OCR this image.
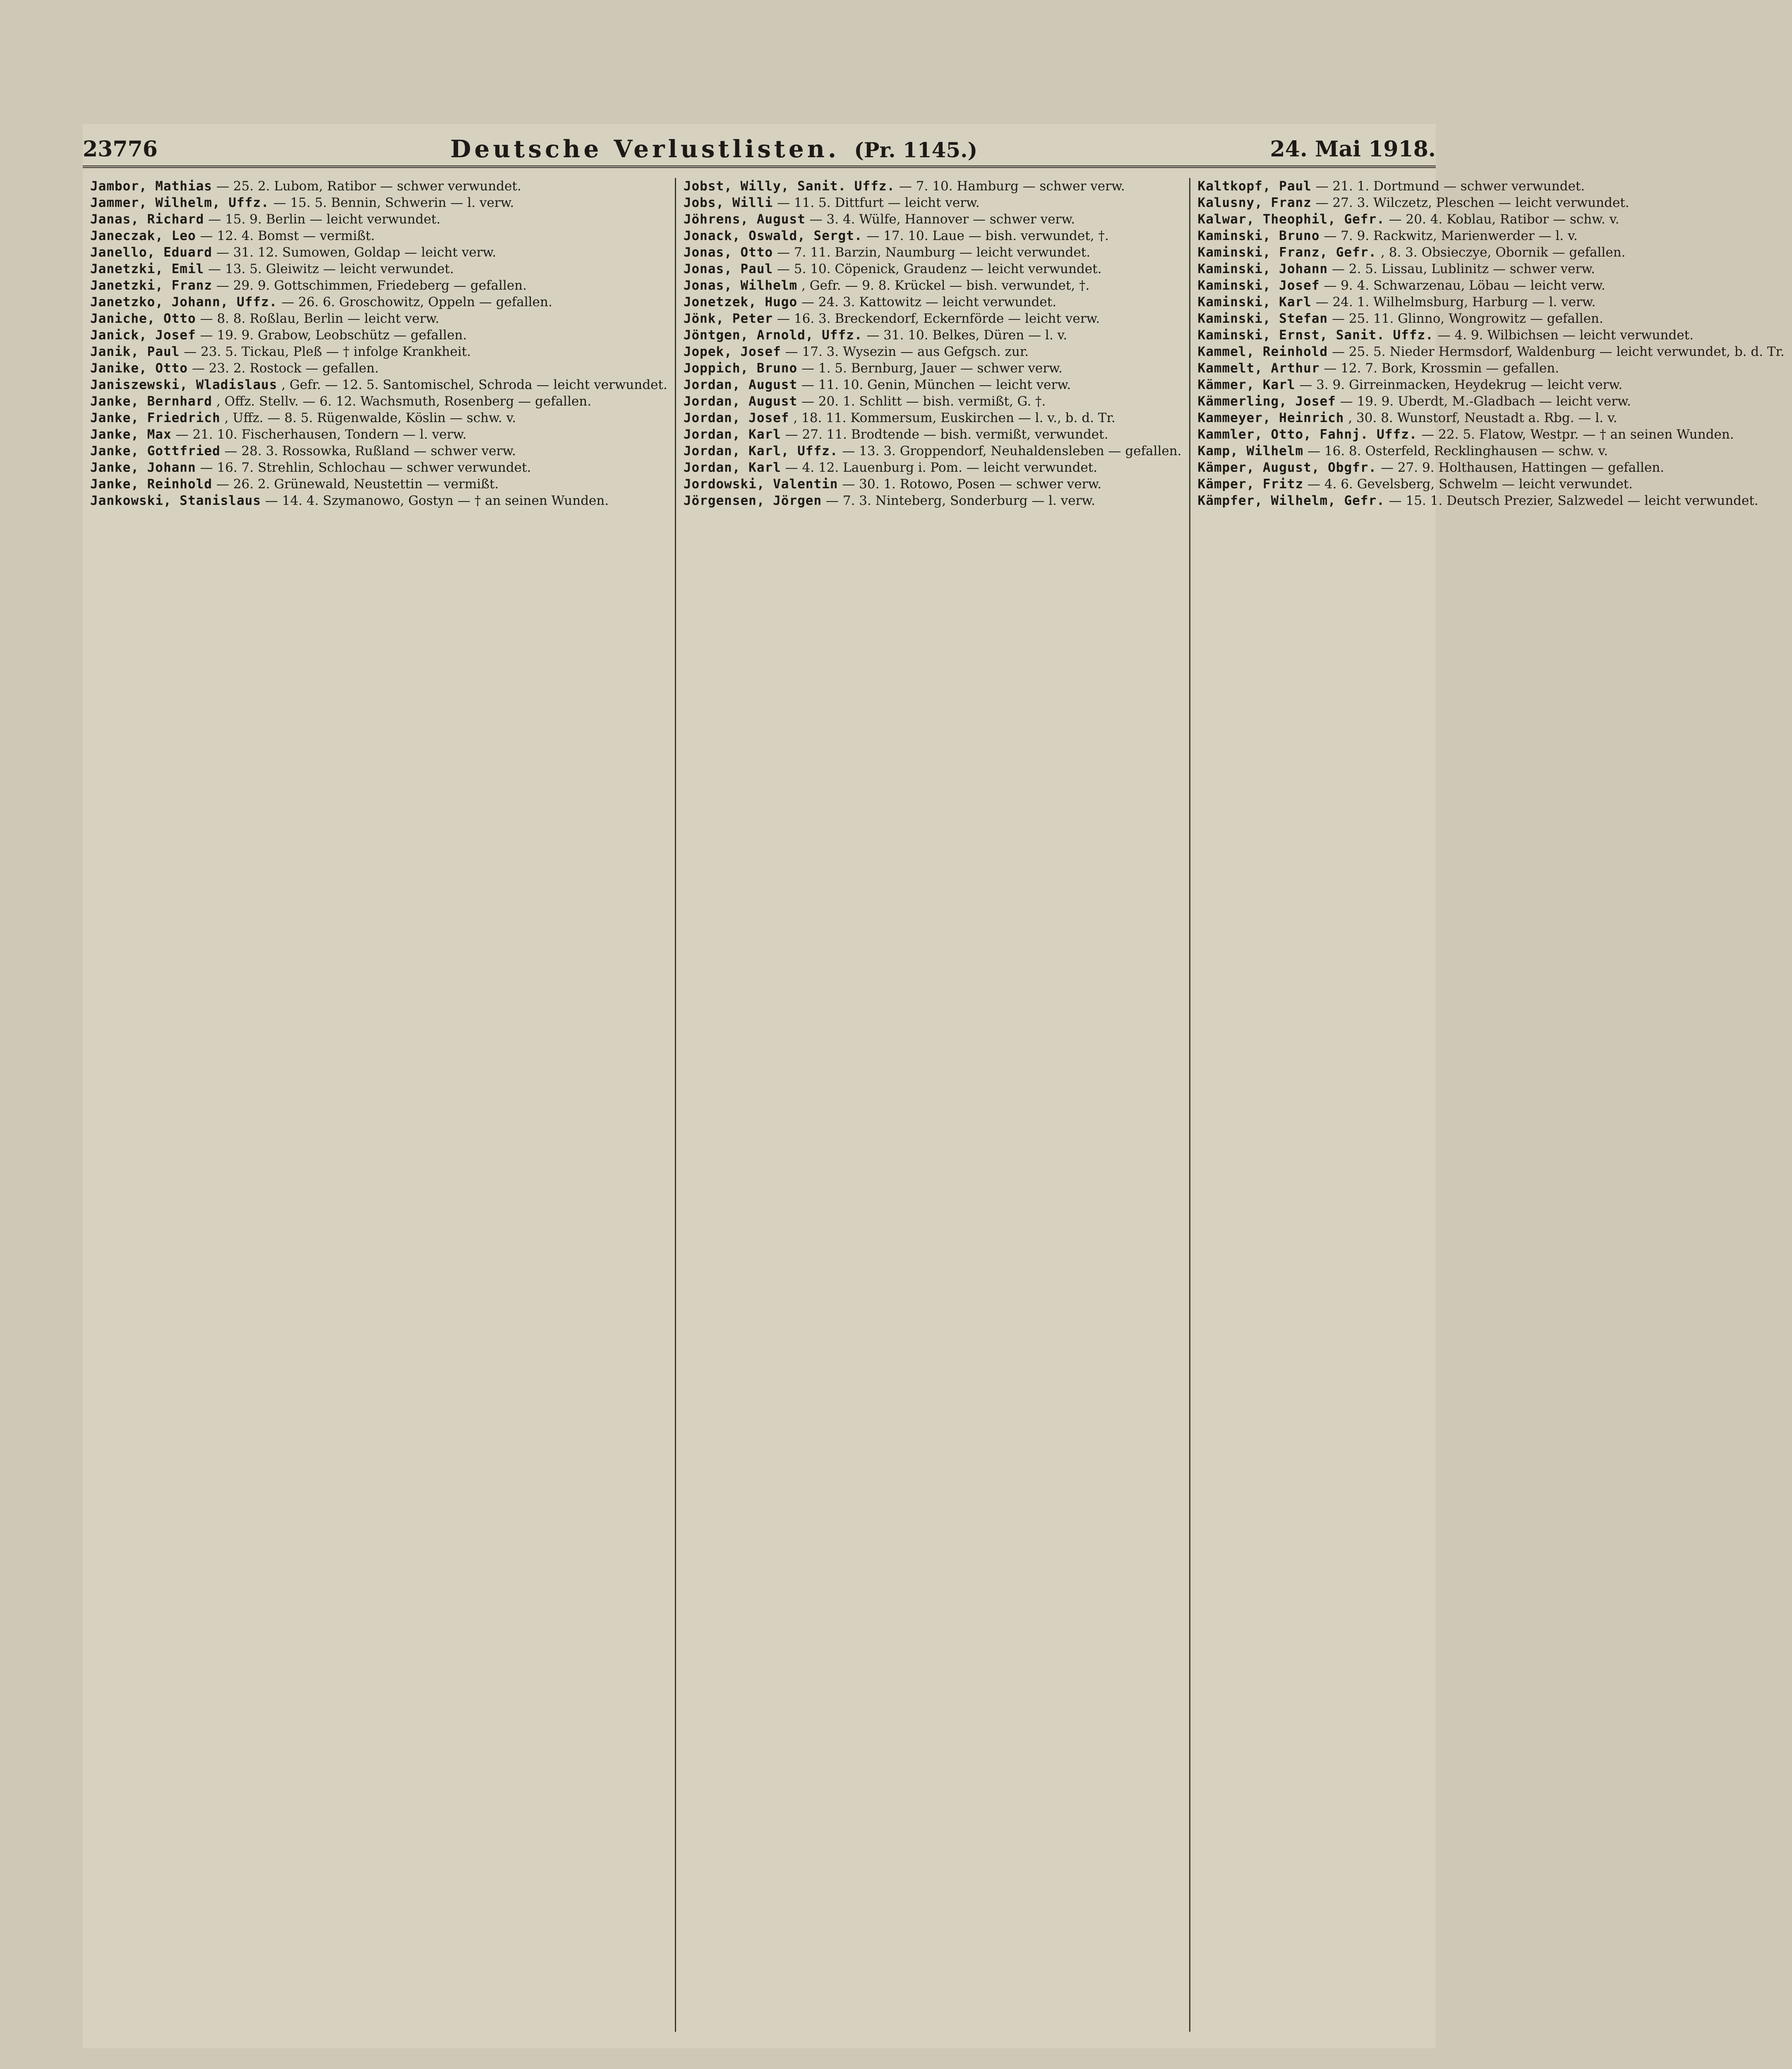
23776	Deutsche Verlustlisten. (Pr. 1145.)	24. Mai 1918.
Jambor, Mathias — 25. 2. Lubom, Ratibor — schwer verwundet.
Jammer, Wilhelm, Uffz. — 15. 5. Bennin, Schwerin — l. verw.
Janas, Richard — 15. 9. Berlin — leicht verwundet.
Janeczak, Leo — 12. 4. Bomst — vermißt.
Janello, Eduard — 31. 12. Sumowen, Goldap — leicht verw.
Janetzki, Emil — 13. 5. Gleiwitz — leicht verwundet.
Janetzki, Franz — 29. 9. Gottschimmen, Friedeberg — gefallen.
Janetzko, Johann, Uffz. — 26. 6. Groschowitz, Oppeln — gefallen.
Janiche, Otto — 8. 8. Roßlau, Berlin — leicht verw.
Janick, Josef — 19. 9. Grabow, Leobschütz — gefallen.
Janik, Paul — 23. 5. Tickau, Pleß — † infolge Krankheit.
Janike, Otto — 23. 2. Rostock — gefallen.
Janiszewski, Wladislaus , Gefr. — 12. 5. Santomischel, Schroda — leicht verwundet.
Janke, Bernhard , Offz. Stellv. — 6. 12. Wachsmuth, Rosenberg — gefallen.
Janke, Friedrich , Uffz. — 8. 5. Rügenwalde, Köslin — schw. v.
Janke, Max — 21. 10. Fischerhausen, Tondern — l. verw.
Janke, Gottfried — 28. 3. Rossowka, Rußland — schwer verw.
Janke, Johann — 16. 7. Strehlin, Schlochau — schwer verwundet.
Janke, Reinhold — 26. 2. Grünewald, Neustettin — vermißt.
Jankowski, Stanislaus — 14. 4. Szymanowo, Gostyn — † an seinen Wunden.
Jobst, Willy, Sanit. Uffz. — 7. 10. Hamburg — schwer verw.
Jobs, Willi — 11. 5. Dittfurt — leicht verw.
Jöhrens, August — 3. 4. Wülfe, Hannover — schwer verw.
Jonack, Oswald, Sergt. — 17. 10. Laue — bish. verwundet, †.
Jonas, Otto — 7. 11. Barzin, Naumburg — leicht verwundet.
Jonas, Paul — 5. 10. Cöpenick, Graudenz — leicht verwundet.
Jonas, Wilhelm , Gefr. — 9. 8. Krückel — bish. verwundet, †.
Jonetzek, Hugo — 24. 3. Kattowitz — leicht verwundet.
Jönk, Peter — 16. 3. Breckendorf, Eckernförde — leicht verw.
Jöntgen, Arnold, Uffz. — 31. 10. Belkes, Düren — l. v.
Jopek, Josef — 17. 3. Wysezin — aus Gefgsch. zur.
Joppich, Bruno — 1. 5. Bernburg, Jauer — schwer verw.
Jordan, August — 11. 10. Genin, München — leicht verw.
Jordan, August — 20. 1. Schlitt — bish. vermißt, G. †.
Jordan, Josef , 18. 11. Kommersum, Euskirchen — l. v., b. d. Tr.
Jordan, Karl — 27. 11. Brodtende — bish. vermißt, verwundet.
Jordan, Karl, Uffz. — 13. 3. Groppendorf, Neuhaldensleben — gefallen.
Jordan, Karl — 4. 12. Lauenburg i. Pom. — leicht verwundet.
Jordowski, Valentin — 30. 1. Rotowo, Posen — schwer verw.
Jörgensen, Jörgen — 7. 3. Ninteberg, Sonderburg — l. verw.
Kaltkopf, Paul — 21. 1. Dortmund — schwer verwundet.
Kalusny, Franz — 27. 3. Wilczetz, Pleschen — leicht verwundet.
Kalwar, Theophil, Gefr. — 20. 4. Koblau, Ratibor — schw. v.
Kaminski, Bruno — 7. 9. Rackwitz, Marienwerder — l. v.
Kaminski, Franz, Gefr. , 8. 3. Obsieczye, Obornik — gefallen.
Kaminski, Johann — 2. 5. Lissau, Lublinitz — schwer verw.
Kaminski, Josef — 9. 4. Schwarzenau, Löbau — leicht verw.
Kaminski, Karl — 24. 1. Wilhelmsburg, Harburg — l. verw.
Kaminski, Stefan — 25. 11. Glinno, Wongrowitz — gefallen.
Kaminski, Ernst, Sanit. Uffz. — 4. 9. Wilbichsen — leicht verwundet.
Kammel, Reinhold — 25. 5. Nieder Hermsdorf, Waldenburg — leicht verwundet, b. d. Tr.
Kammelt, Arthur — 12. 7. Bork, Krossmin — gefallen.
Kämmer, Karl — 3. 9. Girreinmacken, Heydekrug — leicht verw.
Kämmerling, Josef — 19. 9. Uberdt, M.-Gladbach — leicht verw.
Kammeyer, Heinrich , 30. 8. Wunstorf, Neustadt a. Rbg. — l. v.
Kammler, Otto, Fahnj. Uffz. — 22. 5. Flatow, Westpr. — † an seinen Wunden.
Kamp, Wilhelm — 16. 8. Osterfeld, Recklinghausen — schw. v.
Kämper, August, Obgfr. — 27. 9. Holthausen, Hattingen — gefallen.
Kämper, Fritz — 4. 6. Gevelsberg, Schwelm — leicht verwundet.
Kämpfer, Wilhelm, Gefr. — 15. 1. Deutsch Prezier, Salzwedel — leicht verwundet.
